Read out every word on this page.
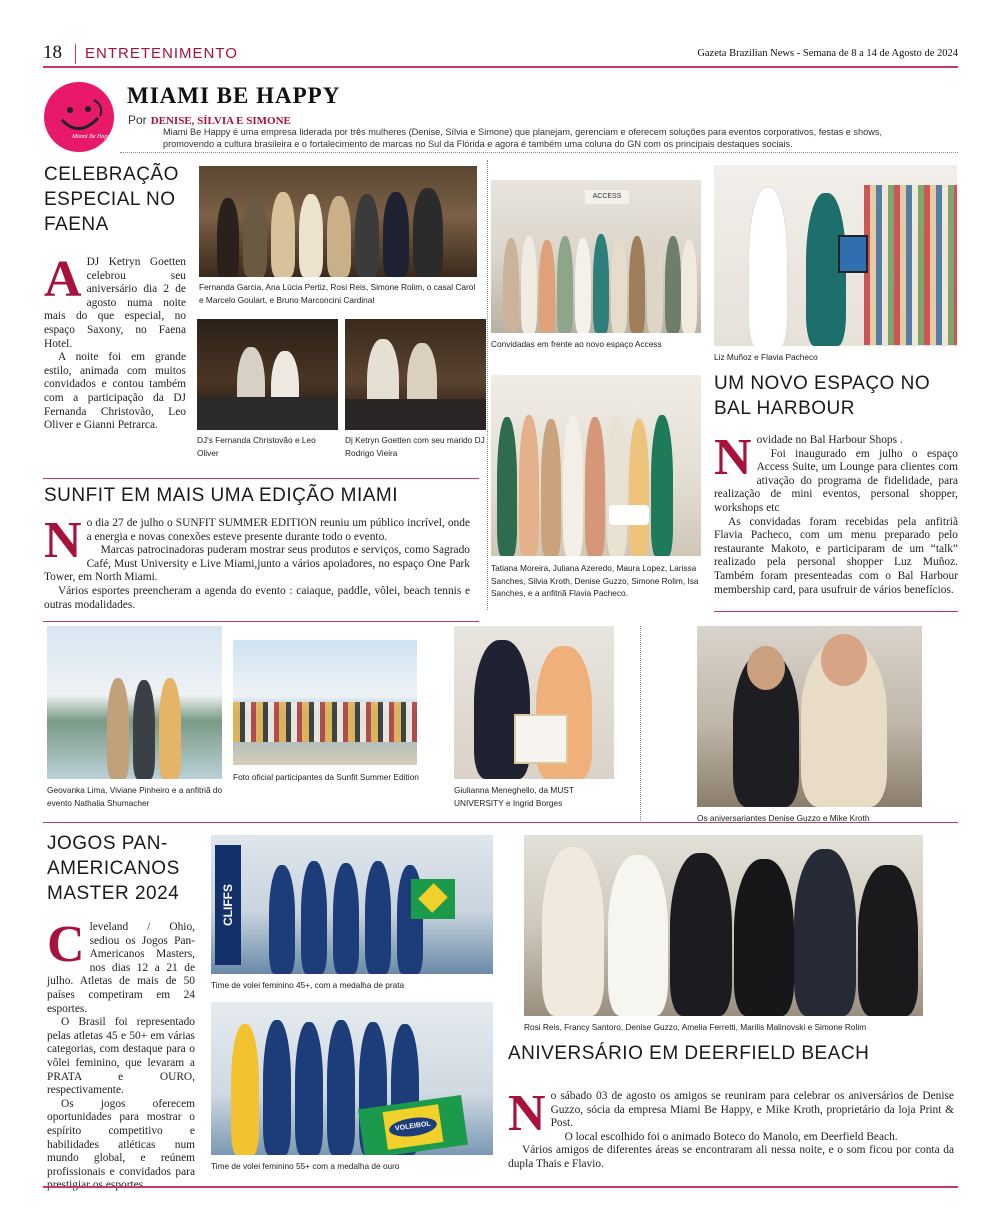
18 ENTRETENIMENTO	Gazeta Brazilian News - Semana de 8 a 14 de Agosto de 2024
Miami Be Happy
MIAMI BE HAPPY
Por DENISE, SÍLVIA E SIMONE
Miami Be Happy é uma empresa liderada por três mulheres (Denise, Sílvia e Simone) que planejam, gerenciam e oferecem soluções para eventos corporativos, festas e shows, promovendo a cultura brasileira e o fortalecimento de marcas no Sul da Flórida e agora é também uma coluna do GN com os principais destaques sociais.
CELEBRAÇÃO ESPECIAL NO FAENA
A DJ Ketryn Goetten celebrou seu aniversário dia 2 de agosto numa noite mais do que especial, no espaço Saxony, no Faena Hotel.

A noite foi em grande estilo, animada com muitos convidados e contou também com a participação da DJ Fernanda Christovão, Leo Oliver e Gianni Petrarca.

Fernanda Garcia, Ana Lúcia Pertiz, Rosi Reis, Simone Rolim, o casal Carol e Marcelo Goulart, e Bruno Marconcini Cardinal
DJ's Fernanda Christovão e Leo Oliver
Dj Ketryn Goetten com seu marido DJ Rodrigo Vieira
ACCESS
Convidadas em frente ao novo espaço Access
Tatiana Moreira, Juliana Azeredo, Maura Lopez, Larissa Sanches, Silvia Kroth, Denise Guzzo, Simone Rolim, Isa Sanches, e a anfitriã Flavia Pacheco.
Liz Muñoz e Flavia Pacheco
UM NOVO ESPAÇO NO BAL HARBOUR
N ovidade no Bal Harbour Shops .

Foi inaugurado em julho o espaço Access Suite, um Lounge para clientes com ativação do programa de fidelidade, para realização de mini eventos, personal shopper, workshops etc

As convidadas foram recebidas pela anfitriã Flavia Pacheco, com um menu preparado pelo restaurante Makoto, e participaram de um “talk” realizado pela personal shopper Luz Muñoz. Também foram presenteadas com o Bal Harbour membership card, para usufruir de vários benefícios.

SUNFIT EM MAIS UMA EDIÇÃO MIAMI
N o dia 27 de julho o SUNFIT SUMMER EDITION reuniu um público incrível, onde a energia e novas conexões esteve presente durante todo o evento.

Marcas patrocinadoras puderam mostrar seus produtos e serviços, como Sagrado Café, Must University e Live Miami,junto a vários apoiadores, no espaço One Park Tower, em North Miami.

Vários esportes preencheram a agenda do evento : caiaque, paddle, vôlei, beach tennis e outras modalidades.

Geovanka Lima, Viviane Pinheiro e a anfitriã do evento Nathalia Shumacher
Foto oficial participantes da Sunfit Summer Edition
Giulianna Meneghello, da MUST UNIVERSITY e Ingrid Borges
Os aniversariantes Denise Guzzo e Mike Kroth
JOGOS PAN-AMERICANOS MASTER 2024
C leveland / Ohio, sediou os Jogos Pan-Americanos Masters, nos dias 12 a 21 de julho. Atletas de mais de 50 países competiram em 24 esportes.

O Brasil foi representado pelas atletas 45 e 50+ em várias categorias, com destaque para o vôlei feminino, que levaram a PRATA e OURO, respectivamente.

Os jogos oferecem oportunidades para mostrar o espírito competitivo e habilidades atléticas num mundo global, e reúnem profissionais e convidados para prestigiar os esportes.

CLIFFS
Time de volei feminino 45+, com a medalha de prata
VOLEIBOL
Time de volei feminino 55+ com a medalha de ouro
Rosi Reis, Francy Santoro, Denise Guzzo, Amelia Ferretti, Marilis Malinovski e Simone Rolim
ANIVERSÁRIO EM DEERFIELD BEACH
N o sábado 03 de agosto os amigos se reuniram para celebrar os aniversários de Denise Guzzo, sócia da empresa Miami Be Happy, e Mike Kroth, proprietário da loja Print & Post.

O local escolhido foi o animado Boteco do Manolo, em Deerfield Beach.

Vários amigos de diferentes áreas se encontraram ali nessa noite, e o som ficou por conta da dupla Thais e Flavio.
